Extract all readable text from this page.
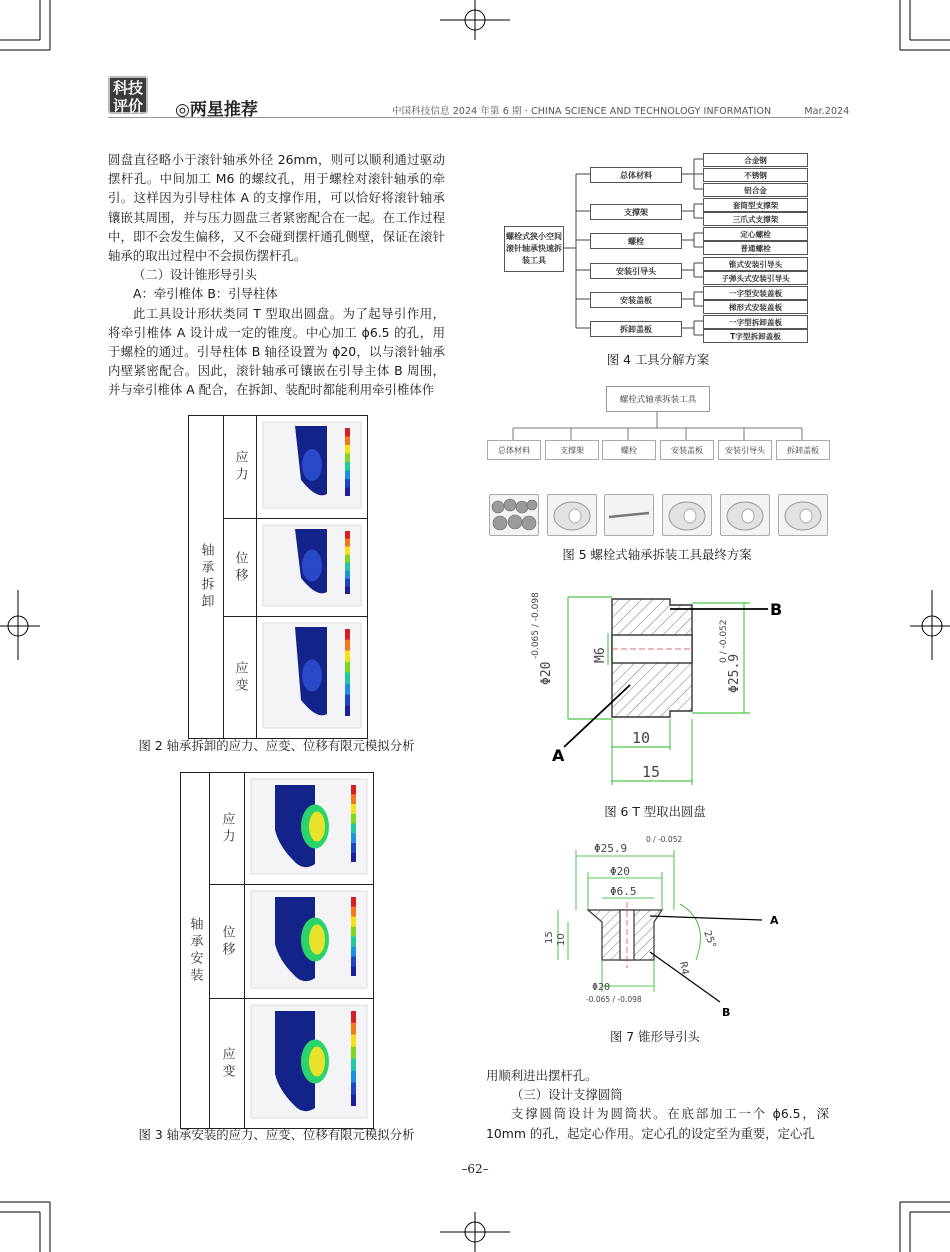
科技
评价 ◎两星推荐	中国科技信息 2024 年第 6 期 · CHINA SCIENCE AND TECHNOLOGY INFORMATION	Mar.2024

圆盘直径略小于滚针轴承外径 26mm，则可以顺利通过驱动摆杆孔。中间加工 M6 的螺纹孔，用于螺栓对滚针轴承的牵引。这样因为引导柱体 A 的支撑作用，可以恰好将滚针轴承镶嵌其周围，并与压力圆盘三者紧密配合在一起。在工作过程中，即不会发生偏移，又不会碰到摆杆通孔侧壁，保证在滚针轴承的取出过程中不会损伤摆杆孔。

（二）设计锥形导引头

A：牵引椎体 B：引导柱体

此工具设计形状类同 T 型取出圆盘。为了起导引作用，将牵引椎体 A 设计成一定的锥度。中心加工 ϕ6.5 的孔，用于螺栓的通过。引导柱体 B 轴径设置为 ϕ20，以与滚针轴承内壁紧密配合。因此，滚针轴承可镶嵌在引导主体 B 周围，并与牵引椎体 A 配合，在拆卸、装配时都能利用牵引椎体作

轴承拆卸	应力	

	位移	

	应变	
图 2 轴承拆卸的应力、应变、位移有限元模拟分析
轴承安装	应力	

	位移	

	应变	
图 3 轴承安装的应力、应变、位移有限元模拟分析
螺栓式狭小空间滚针轴承快速拆装工具
总体材料
合金钢
不锈钢
铝合金
支撑架
套筒型支撑架
三爪式支撑架
螺栓
定心螺栓
普通螺栓
安装引导头
锥式安装引导头
子弹头式安装引导头
安装盖板
一字型安装盖板
梯形式安装盖板
拆卸盖板
一字型拆卸盖板
T字型拆卸盖板
图 4 工具分解方案
螺栓式轴承拆装工具
总体材料	支撑架	螺栓	安装盖板	安装引导头	拆卸盖板
图 5 螺栓式轴承拆装工具最终方案
Φ20
-0.065 / -0.098	M6	Φ25.9
0 / -0.052
10
15
B
A
图 6 T 型取出圆盘
Φ25.9
0 / -0.052
Φ20
Φ6.5
Φ20
-0.065 / -0.098
15 10	25°
R4
A
B
图 7 锥形导引头

用顺利进出摆杆孔。

（三）设计支撑圆筒

支撑圆筒设计为圆筒状。在底部加工一个 ϕ6.5，深 10mm 的孔，起定心作用。定心孔的设定至为重要，定心孔

–62–
